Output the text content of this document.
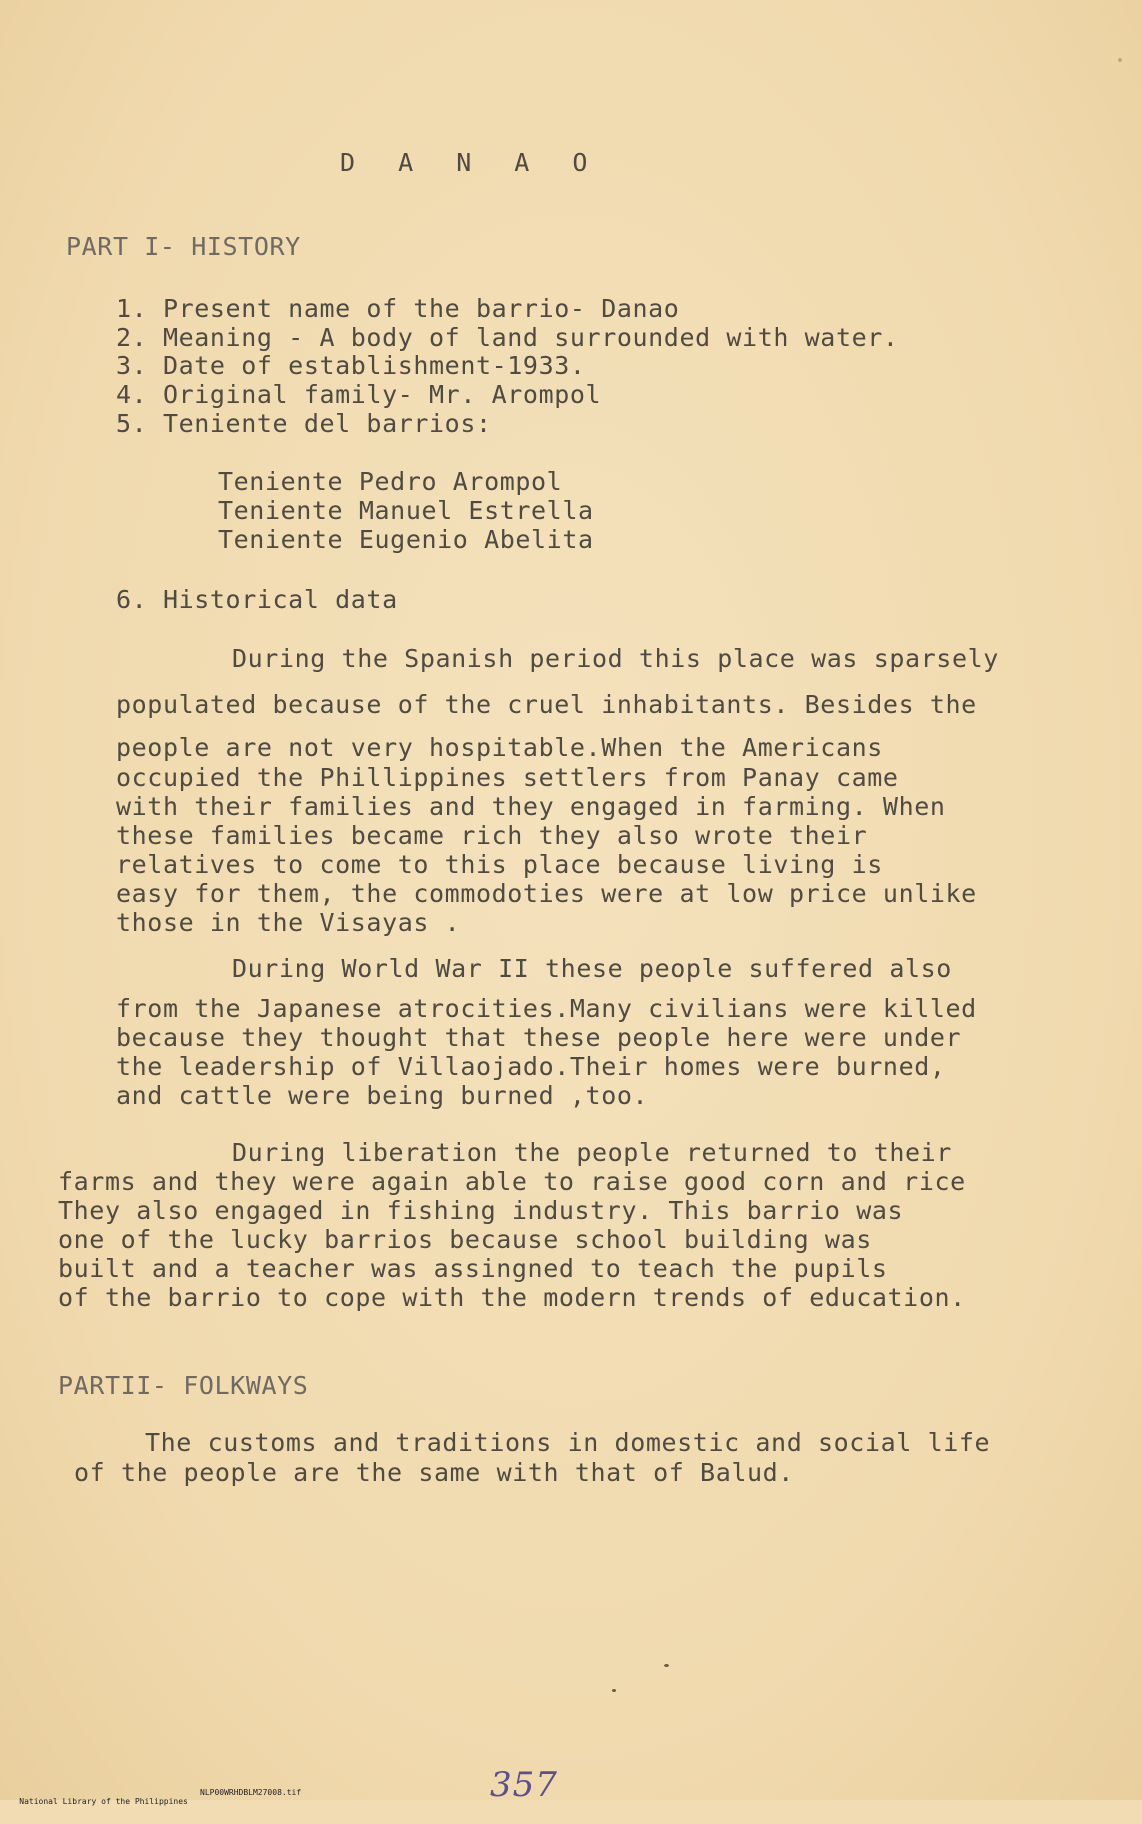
D A N A O
PART I- HISTORY
1. Present name of the barrio- Danao
2. Meaning - A body of land surrounded with water.
3. Date of establishment-1933.
4. Original family- Mr. Arompol
5. Teniente del barrios:
Teniente Pedro Arompol
Teniente Manuel Estrella
Teniente Eugenio Abelita
6. Historical data
During the Spanish period this place was sparsely
populated because of the cruel inhabitants. Besides the
people are not very hospitable.When the Americans
occupied the Phillippines settlers from Panay came
with their families and they engaged in farming. When
these families became rich they also wrote their
relatives to come to this place because living is
easy for them, the commodoties were at low price unlike
those in the Visayas .
During World War II these people suffered also
from the Japanese atrocities.Many civilians were killed
because they thought that these people here were under
the leadership of Villaojado.Their homes were burned,
and cattle were being burned ,too.
During liberation the people returned to their
farms and they were again able to raise good corn and rice
They also engaged in fishing industry. This barrio was
one of the lucky barrios because school building was
built and a teacher was assingned to teach the pupils
of the barrio to cope with the modern trends of education.
PARTII- FOLKWAYS
The customs and traditions in domestic and social life
of the people are the same with that of Balud.
357

National Library of the Philippines

NLP00WRHDBLM27008.tif
